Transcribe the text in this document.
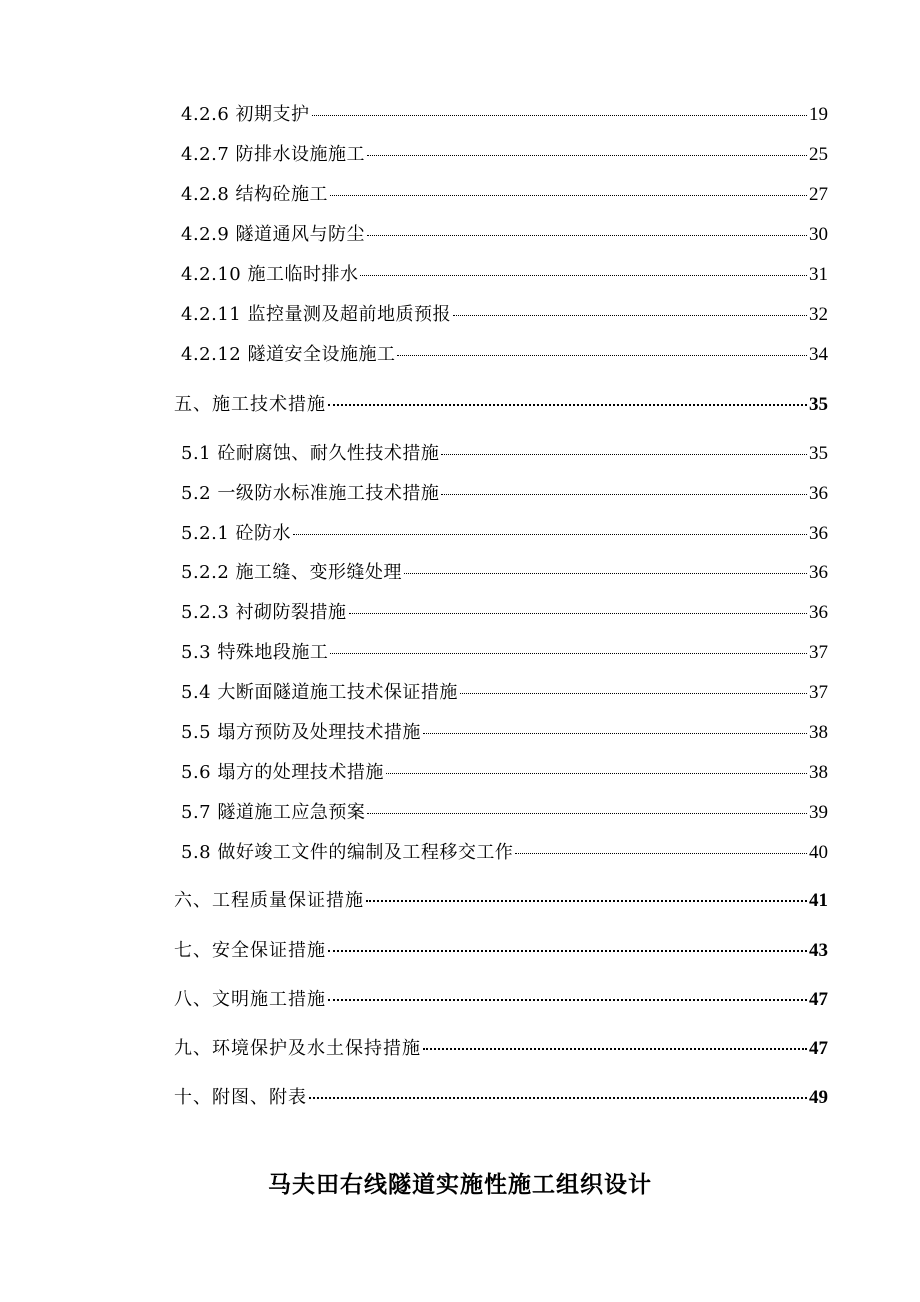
4.2.6 初期支护	19
4.2.7 防排水设施施工	25
4.2.8 结构砼施工	27
4.2.9 隧道通风与防尘	30
4.2.10 施工临时排水	31
4.2.11 监控量测及超前地质预报	32
4.2.12 隧道安全设施施工	34
五、施工技术措施	35
5.1 砼耐腐蚀、耐久性技术措施	35
5.2 一级防水标准施工技术措施	36
5.2.1 砼防水	36
5.2.2 施工缝、变形缝处理	36
5.2.3 衬砌防裂措施	36
5.3 特殊地段施工	37
5.4 大断面隧道施工技术保证措施	37
5.5 塌方预防及处理技术措施	38
5.6 塌方的处理技术措施	38
5.7 隧道施工应急预案	39
5.8 做好竣工文件的编制及工程移交工作	40
六、工程质量保证措施	41
七、安全保证措施	43
八、文明施工措施	47
九、环境保护及水土保持措施	47
十、附图、附表	49
马夫田右线隧道实施性施工组织设计
